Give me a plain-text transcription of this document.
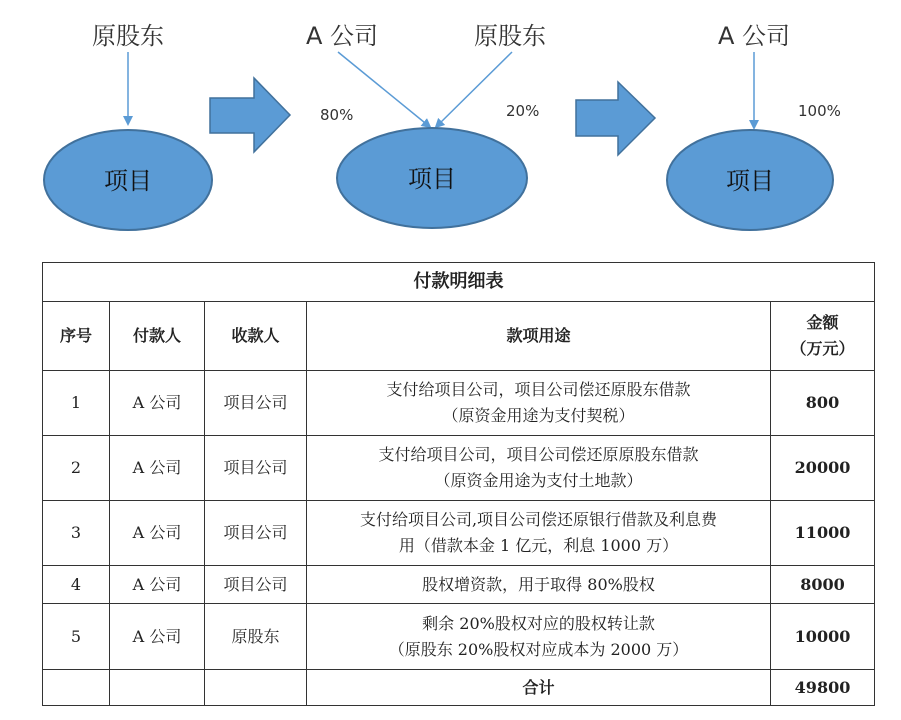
原股东
项目
A 公司	原股东
80%	20%
项目
A 公司
100%
项目
付款明细表				
序号	付款人	收款人	款项用途	金额
（万元）
1	A 公司	项目公司	支付给项目公司，项目公司偿还原股东借款
（原资金用途为支付契税）	800
2	A 公司	项目公司	支付给项目公司，项目公司偿还原原股东借款
（原资金用途为支付土地款）	20000
3	A 公司	项目公司	支付给项目公司,项目公司偿还原银行借款及利息费
用（借款本金 1 亿元，利息 1000 万）	11000
4	A 公司	项目公司	股权增资款，用于取得 80%股权	8000
5	A 公司	原股东	剩余 20%股权对应的股权转让款
（原股东 20%股权对应成本为 2000 万）	10000
			合计	49800
